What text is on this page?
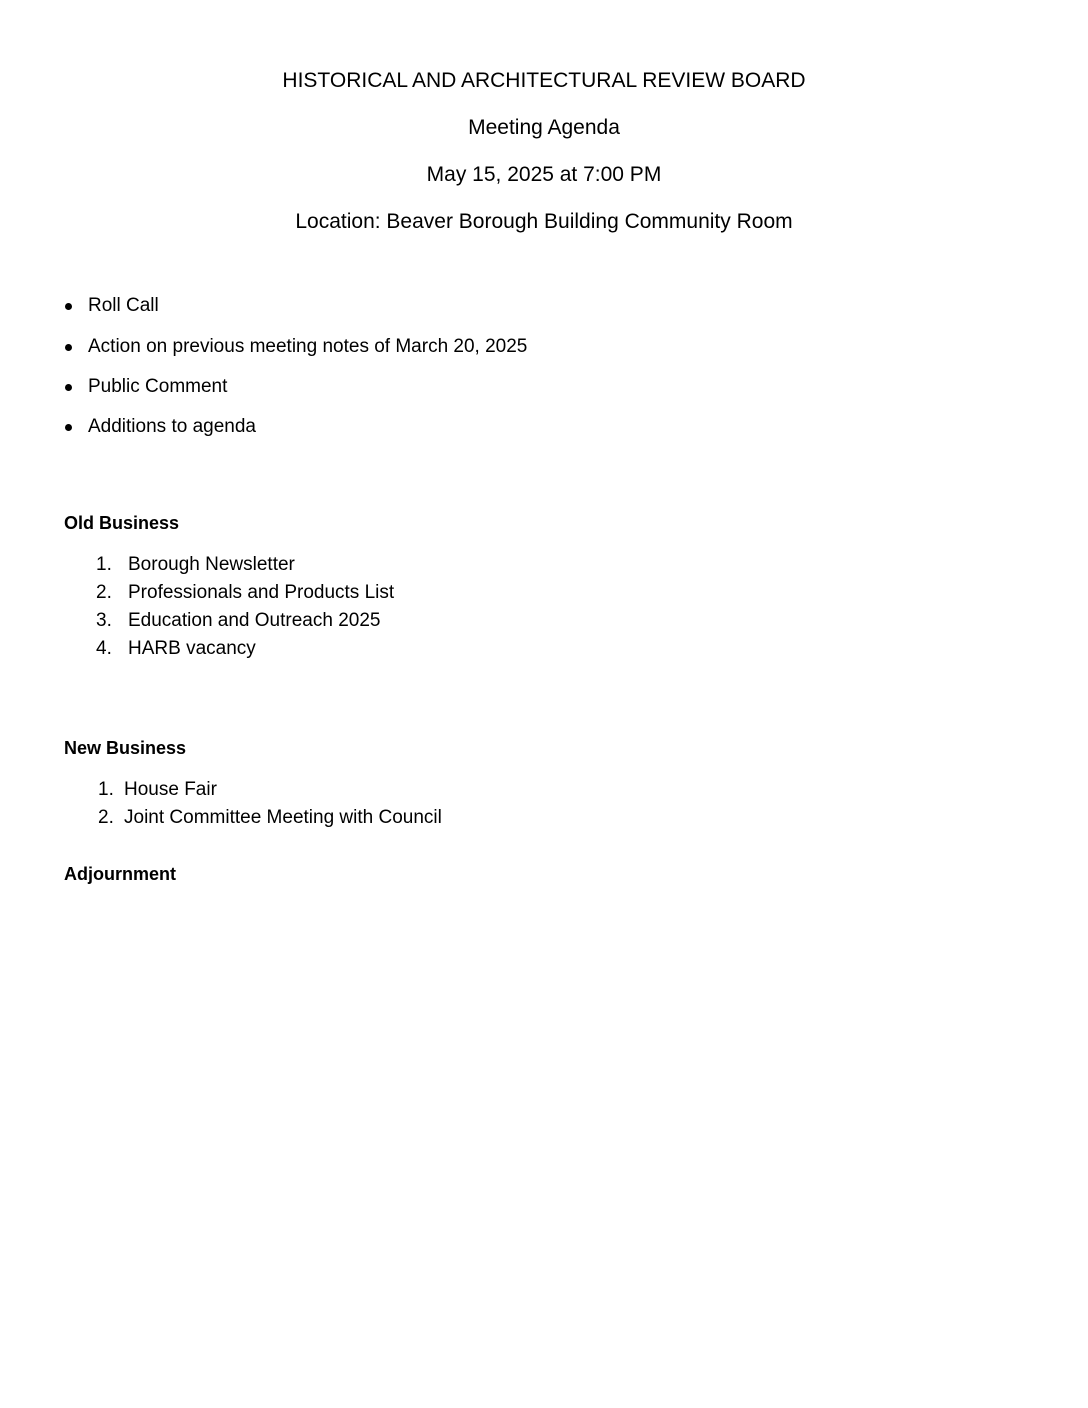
HISTORICAL AND ARCHITECTURAL REVIEW BOARD
Meeting Agenda
May 15, 2025 at 7:00 PM
Location: Beaver Borough Building Community Room
Roll Call
Action on previous meeting notes of March 20, 2025
Public Comment
Additions to agenda
Old Business
1. Borough Newsletter
2. Professionals and Products List
3. Education and Outreach 2025
4. HARB vacancy
New Business
1. House Fair
2. Joint Committee Meeting with Council
Adjournment
